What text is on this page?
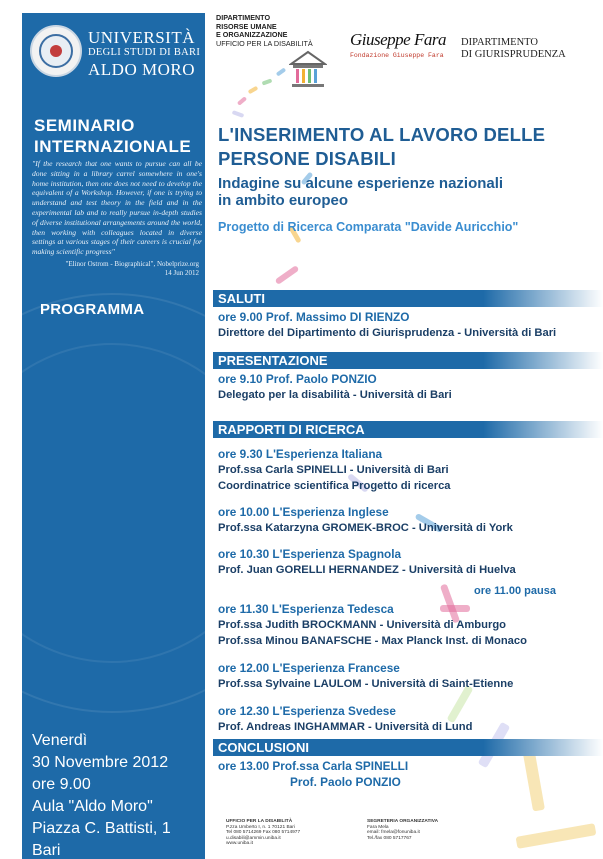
UNIVERSITÀ
DEGLI STUDI DI BARI
ALDO MORO
SEMINARIO
INTERNAZIONALE
"If the research that one wants to pursue can all be done sitting in a library carrel somewhere in one's home institution, then one does not need to develop the equivalent of a Workshop. However, if one is trying to understand and test theory in the field and in the experimental lab and to really pursue in-depth studies of diverse institutional arrangements around the world, then working with colleagues located in diverse settings at various stages of their careers is crucial for making scientific progress"
"Elinor Ostrom - Biographical", Nobelprize.org
14 Jun 2012
PROGRAMMA
Venerdì
30 Novembre 2012
ore 9.00
Aula "Aldo Moro"
Piazza C. Battisti, 1
Bari
DIPARTIMENTO
RISORSE UMANE
E ORGANIZZAZIONE
UFFICIO PER LA DISABILITÀ Giuseppe Fara
Fondazione Giuseppe Fara
DIPARTIMENTO
DI GIURISPRUDENZA
L'INSERIMENTO AL LAVORO DELLE
PERSONE DISABILI
Indagine su alcune esperienze nazionali
in ambito europeo
Progetto di Ricerca Comparata "Davide Auricchio"
SALUTI
PRESENTAZIONE
RAPPORTI DI RICERCA
CONCLUSIONI
ore 9.00 Prof. Massimo DI RIENZO
Direttore del Dipartimento di Giurisprudenza - Università di Bari
ore 9.10 Prof. Paolo PONZIO
Delegato per la disabilità - Università di Bari
ore 9.30 L'Esperienza Italiana
Prof.ssa Carla SPINELLI - Università di Bari
Coordinatrice scientifica Progetto di ricerca
ore 10.00 L'Esperienza Inglese
Prof.ssa Katarzyna GROMEK-BROC - Università di York
ore 10.30 L'Esperienza Spagnola
Prof. Juan GORELLI HERNANDEZ - Università di Huelva
ore 11.00 pausa
ore 11.30 L'Esperienza Tedesca
Prof.ssa Judith BROCKMANN - Università di Amburgo
Prof.ssa Minou BANAFSCHE - Max Planck Inst. di Monaco
ore 12.00 L'Esperienza Francese
Prof.ssa Sylvaine LAULOM - Università di Saint-Etienne
ore 12.30 L'Esperienza Svedese
Prof. Andreas INGHAMMAR - Università di Lund
ore 13.00 Prof.ssa Carla SPINELLI
Prof. Paolo PONZIO
UFFICIO PER LA DISABILITÀ
P.zza Umberto I, n. 1 70121 Bari
Tel 080 5714269 Fax 080 5714977
u.disabili@ammin.uniba.it
www.uniba.it
SEGRETERIA ORGANIZZATIVA
Fara Mela
email: fmela@fonuniba.it
Tel./fax 080 5717767
